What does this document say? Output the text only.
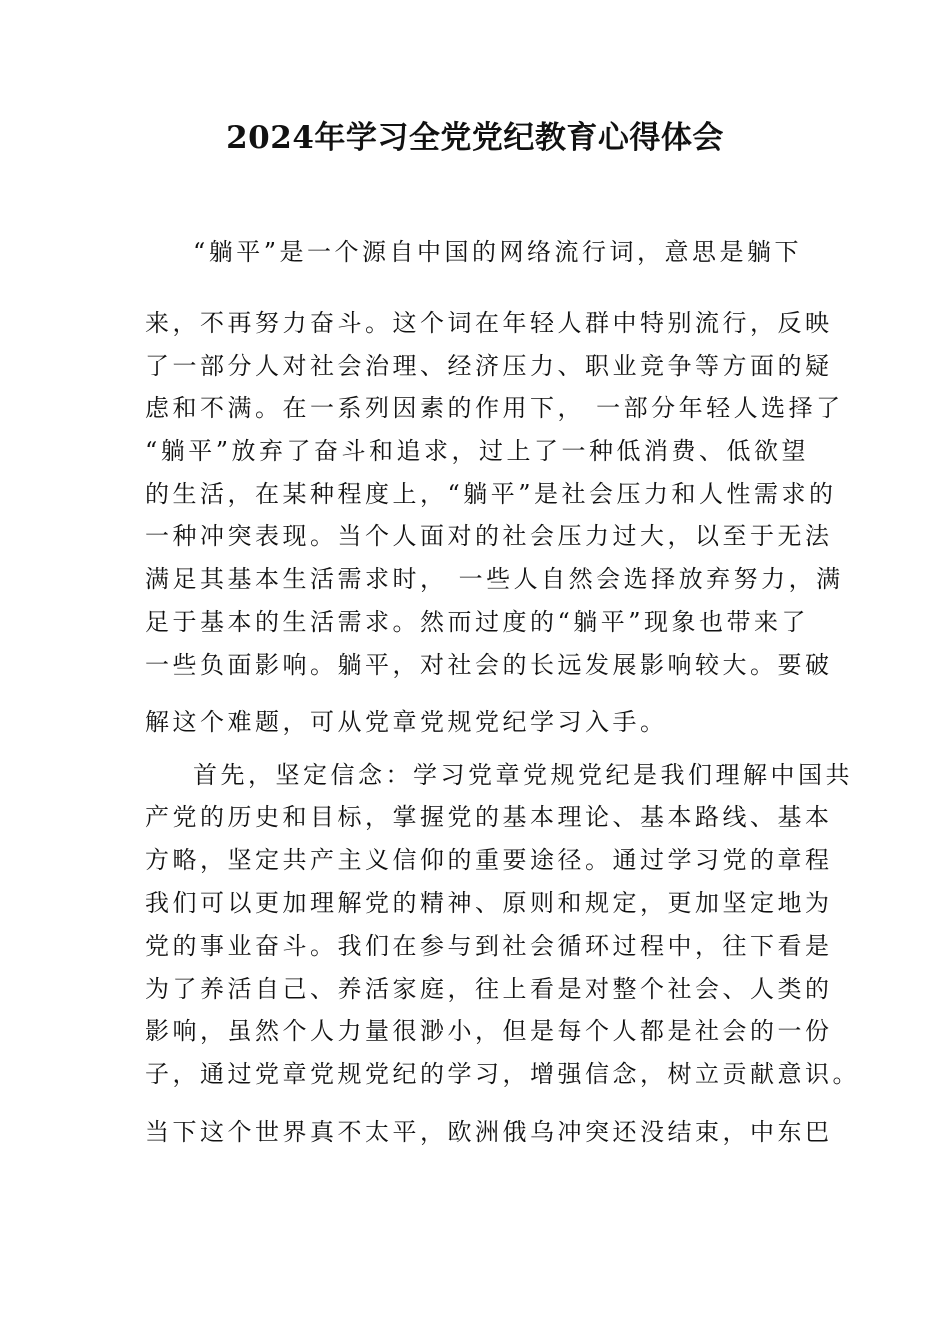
2024年学习全党党纪教育心得体会

“躺平”是一个源自中国的网络流行词，意思是躺下

来，不再努力奋斗。这个词在年轻人群中特别流行，反映

了一部分人对社会治理、经济压力、职业竞争等方面的疑

虑和不满。在一系列因素的作用下， 一部分年轻人选择了

“躺平”放弃了奋斗和追求，过上了一种低消费、低欲望

的生活，在某种程度上，“躺平”是社会压力和人性需求的

一种冲突表现。当个人面对的社会压力过大，以至于无法

满足其基本生活需求时， 一些人自然会选择放弃努力，满

足于基本的生活需求。然而过度的“躺平”现象也带来了

一些负面影响。躺平，对社会的长远发展影响较大。要破

解这个难题，可从党章党规党纪学习入手。

首先，坚定信念：学习党章党规党纪是我们理解中国共

产党的历史和目标，掌握党的基本理论、基本路线、基本

方略，坚定共产主义信仰的重要途径。通过学习党的章程

我们可以更加理解党的精神、原则和规定，更加坚定地为

党的事业奋斗。我们在参与到社会循环过程中，往下看是

为了养活自己、养活家庭，往上看是对整个社会、人类的

影响，虽然个人力量很渺小，但是每个人都是社会的一份

子，通过党章党规党纪的学习，增强信念，树立贡献意识。

当下这个世界真不太平，欧洲俄乌冲突还没结束，中东巴
